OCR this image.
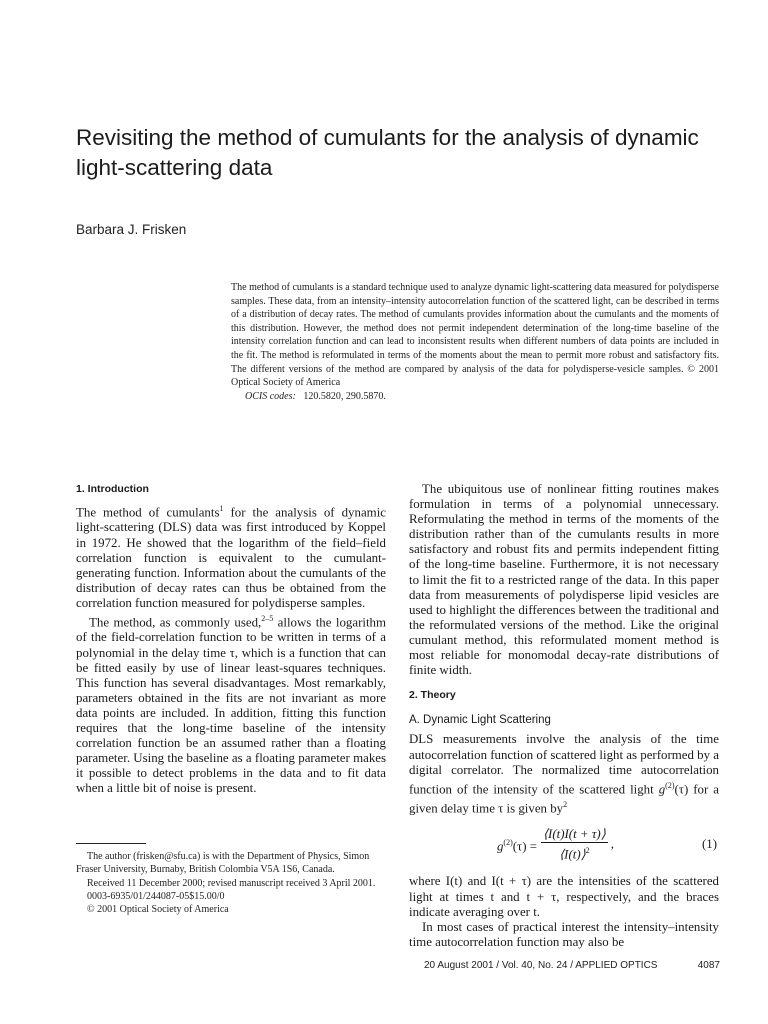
Revisiting the method of cumulants for the analysis of dynamic light-scattering data
Barbara J. Frisken
The method of cumulants is a standard technique used to analyze dynamic light-scattering data measured for polydisperse samples. These data, from an intensity–intensity autocorrelation function of the scattered light, can be described in terms of a distribution of decay rates. The method of cumulants provides information about the cumulants and the moments of this distribution. However, the method does not permit independent determination of the long-time baseline of the intensity correlation function and can lead to inconsistent results when different numbers of data points are included in the fit. The method is reformulated in terms of the moments about the mean to permit more robust and satisfactory fits. The different versions of the method are compared by analysis of the data for polydisperse-vesicle samples. © 2001 Optical Society of America
OCIS codes: 120.5820, 290.5870.
1. Introduction

The method of cumulants$^1$ for the analysis of dynamic light-scattering (DLS) data was first introduced by Koppel in 1972. He showed that the logarithm of the field–field correlation function is equivalent to the cumulant-generating function. Information about the cumulants of the distribution of decay rates can thus be obtained from the correlation function measured for polydisperse samples.

The method, as commonly used,$^{2-5}$ allows the logarithm of the field-correlation function to be written in terms of a polynomial in the delay time τ, which is a function that can be fitted easily by use of linear least-squares techniques. This function has several disadvantages. Most remarkably, parameters obtained in the fits are not invariant as more data points are included. In addition, fitting this function requires that the long-time baseline of the intensity correlation function be an assumed rather than a floating parameter. Using the baseline as a floating parameter makes it possible to detect problems in the data and to fit data when a little bit of noise is present.

The ubiquitous use of nonlinear fitting routines makes formulation in terms of a polynomial unnecessary. Reformulating the method in terms of the moments of the distribution rather than of the cumulants results in more satisfactory and robust fits and permits independent fitting of the long-time baseline. Furthermore, it is not necessary to limit the fit to a restricted range of the data. In this paper data from measurements of polydisperse lipid vesicles are used to highlight the differences between the traditional and the reformulated versions of the method. Like the original cumulant method, this reformulated moment method is most reliable for monomodal decay-rate distributions of finite width.

2. Theory
A. Dynamic Light Scattering

DLS measurements involve the analysis of the time autocorrelation function of scattered light as performed by a digital correlator. The normalized time autocorrelation function of the intensity of the scattered light $g^{(2)}(\tau)$ for a given delay time τ is given $by^2$

$g^{(2)}(\tau) = \frac{⟨I(t)I(t + \tau)⟩}{⟨I(t)⟩^2}$ ,	(1)

where I(t) and I(t + τ) are the intensities of the scattered light at times t and t + τ, respectively, and the braces indicate averaging over t.

In most cases of practical interest the intensity–intensity time autocorrelation function may also be

The author (frisken@sfu.ca) is with the Department of Physics, Simon Fraser University, Burnaby, British Colombia V5A 1S6, Canada.

Received 11 December 2000; revised manuscript received 3 April 2001.

0003-6935/01/244087-05$15.00/0

© 2001 Optical Society of America

20 August 2001 / Vol. 40, No. 24 / APPLIED OPTICS	4087
